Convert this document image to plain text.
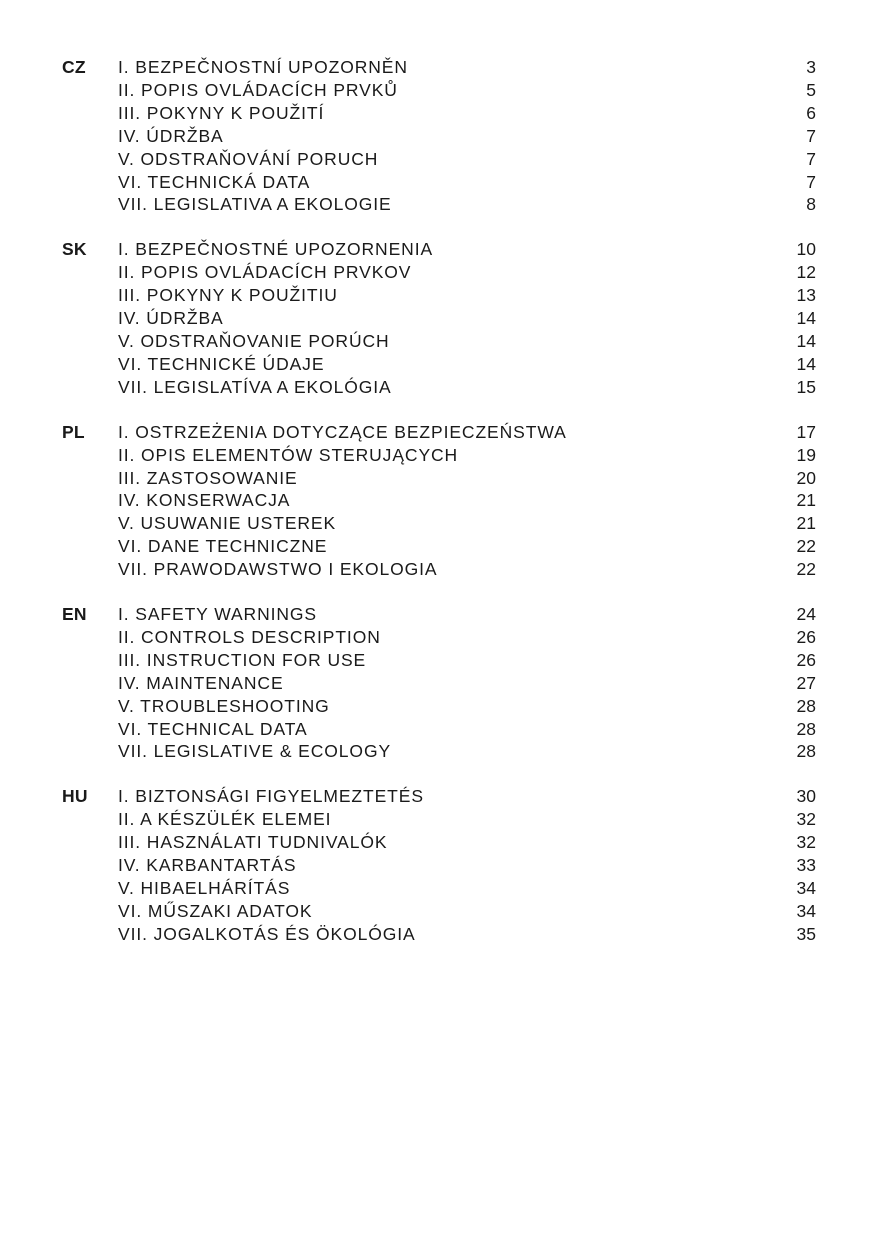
CZ I. BEZPEČNOSTNÍ UPOZORNĚN	3
II. POPIS OVLÁDACÍCH PRVKŮ	5
III. POKYNY K POUŽITÍ	6
IV. ÚDRŽBA	7
V. ODSTRAŇOVÁNÍ PORUCH	7
VI. TECHNICKÁ DATA	7
VII. LEGISLATIVA A EKOLOGIE	8
SK I. BEZPEČNOSTNÉ UPOZORNENIA	10
II. POPIS OVLÁDACÍCH PRVKOV	12
III. POKYNY K POUŽITIU	13
IV. ÚDRŽBA	14
V. ODSTRAŇOVANIE PORÚCH	14
VI. TECHNICKÉ ÚDAJE	14
VII. LEGISLATÍVA A EKOLÓGIA	15
PL I. OSTRZEŻENIA DOTYCZĄCE BEZPIECZEŃSTWA	17
II. OPIS ELEMENTÓW STERUJĄCYCH	19
III. ZASTOSOWANIE	20
IV. KONSERWACJA	21
V. USUWANIE USTEREK	21
VI. DANE TECHNICZNE	22
VII. PRAWODAWSTWO I EKOLOGIA	22
EN I. SAFETY WARNINGS	24
II. CONTROLS DESCRIPTION	26
III. INSTRUCTION FOR USE	26
IV. MAINTENANCE	27
V. TROUBLESHOOTING	28
VI. TECHNICAL DATA	28
VII. LEGISLATIVE & ECOLOGY	28
HU I. BIZTONSÁGI FIGYELMEZTETÉS	30
II. A KÉSZÜLÉK ELEMEI	32
III. HASZNÁLATI TUDNIVALÓK	32
IV. KARBANTARTÁS	33
V. HIBAELHÁRÍTÁS	34
VI. MŰSZAKI ADATOK	34
VII. JOGALKOTÁS ÉS ÖKOLÓGIA	35
